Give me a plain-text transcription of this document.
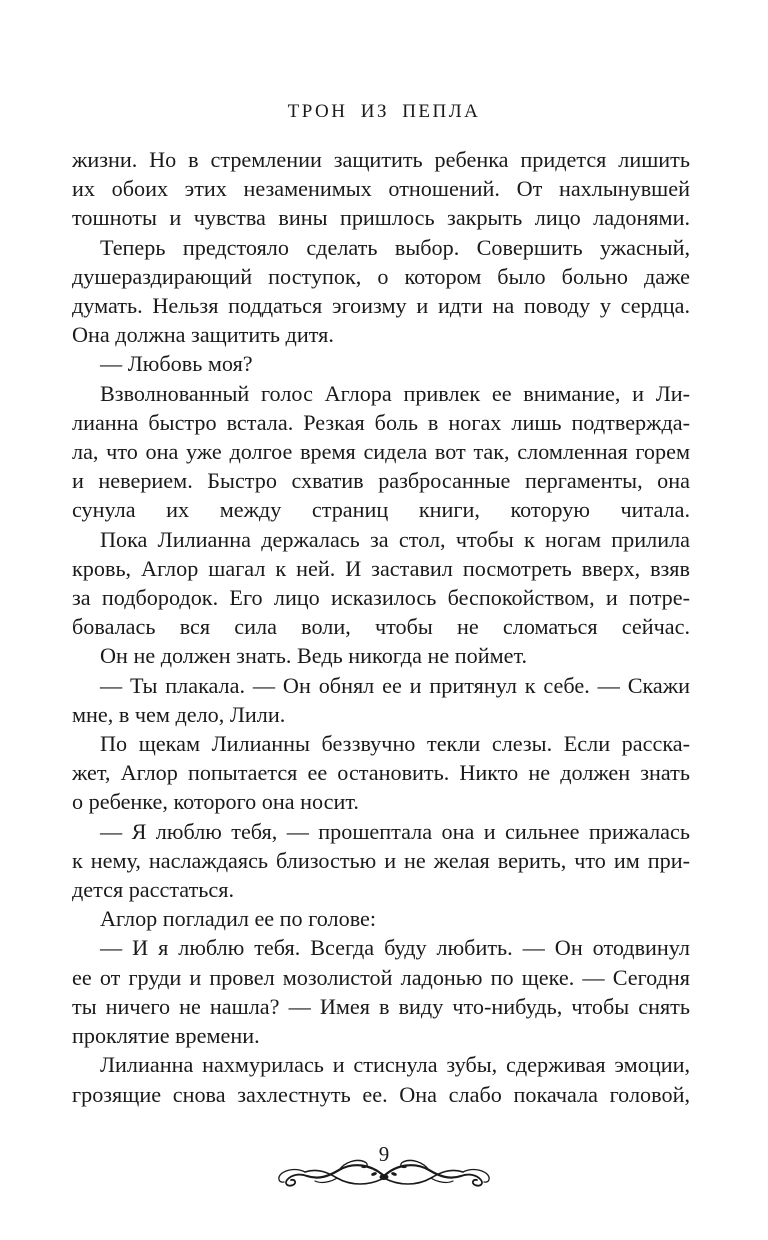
ТРОН ИЗ ПЕПЛА

жизни. Но в стремлении защитить ребенка придется лишить

их обоих этих незаменимых отношений. От нахлынувшей

тошноты и чувства вины пришлось закрыть лицо ладонями.

Теперь предстояло сделать выбор. Совершить ужасный,

душераздирающий поступок, о котором было больно даже

думать. Нельзя поддаться эгоизму и идти на поводу у сердца.

Она должна защитить дитя.

— Любовь моя?

Взволнованный голос Аглора привлек ее внимание, и Ли-

лианна быстро встала. Резкая боль в ногах лишь подтвержда-

ла, что она уже долгое время сидела вот так, сломленная горем

и неверием. Быстро схватив разбросанные пергаменты, она

сунула их между страниц книги, которую читала.

Пока Лилианна держалась за стол, чтобы к ногам прилила

кровь, Аглор шагал к ней. И заставил посмотреть вверх, взяв

за подбородок. Его лицо исказилось беспокойством, и потре-

бовалась вся сила воли, чтобы не сломаться сейчас.

Он не должен знать. Ведь никогда не поймет.

— Ты плакала. — Он обнял ее и притянул к себе. — Скажи

мне, в чем дело, Лили.

По щекам Лилианны беззвучно текли слезы. Если расска-

жет, Аглор попытается ее остановить. Никто не должен знать

о ребенке, которого она носит.

— Я люблю тебя, — прошептала она и сильнее прижалась

к нему, наслаждаясь близостью и не желая верить, что им при-

дется расстаться.

Аглор погладил ее по голове:

— И я люблю тебя. Всегда буду любить. — Он отодвинул

ее от груди и провел мозолистой ладонью по щеке. — Сегодня

ты ничего не нашла? — Имея в виду что-нибудь, чтобы снять

проклятие времени.

Лилианна нахмурилась и стиснула зубы, сдерживая эмоции,

грозящие снова захлестнуть ее. Она слабо покачала головой,

9
